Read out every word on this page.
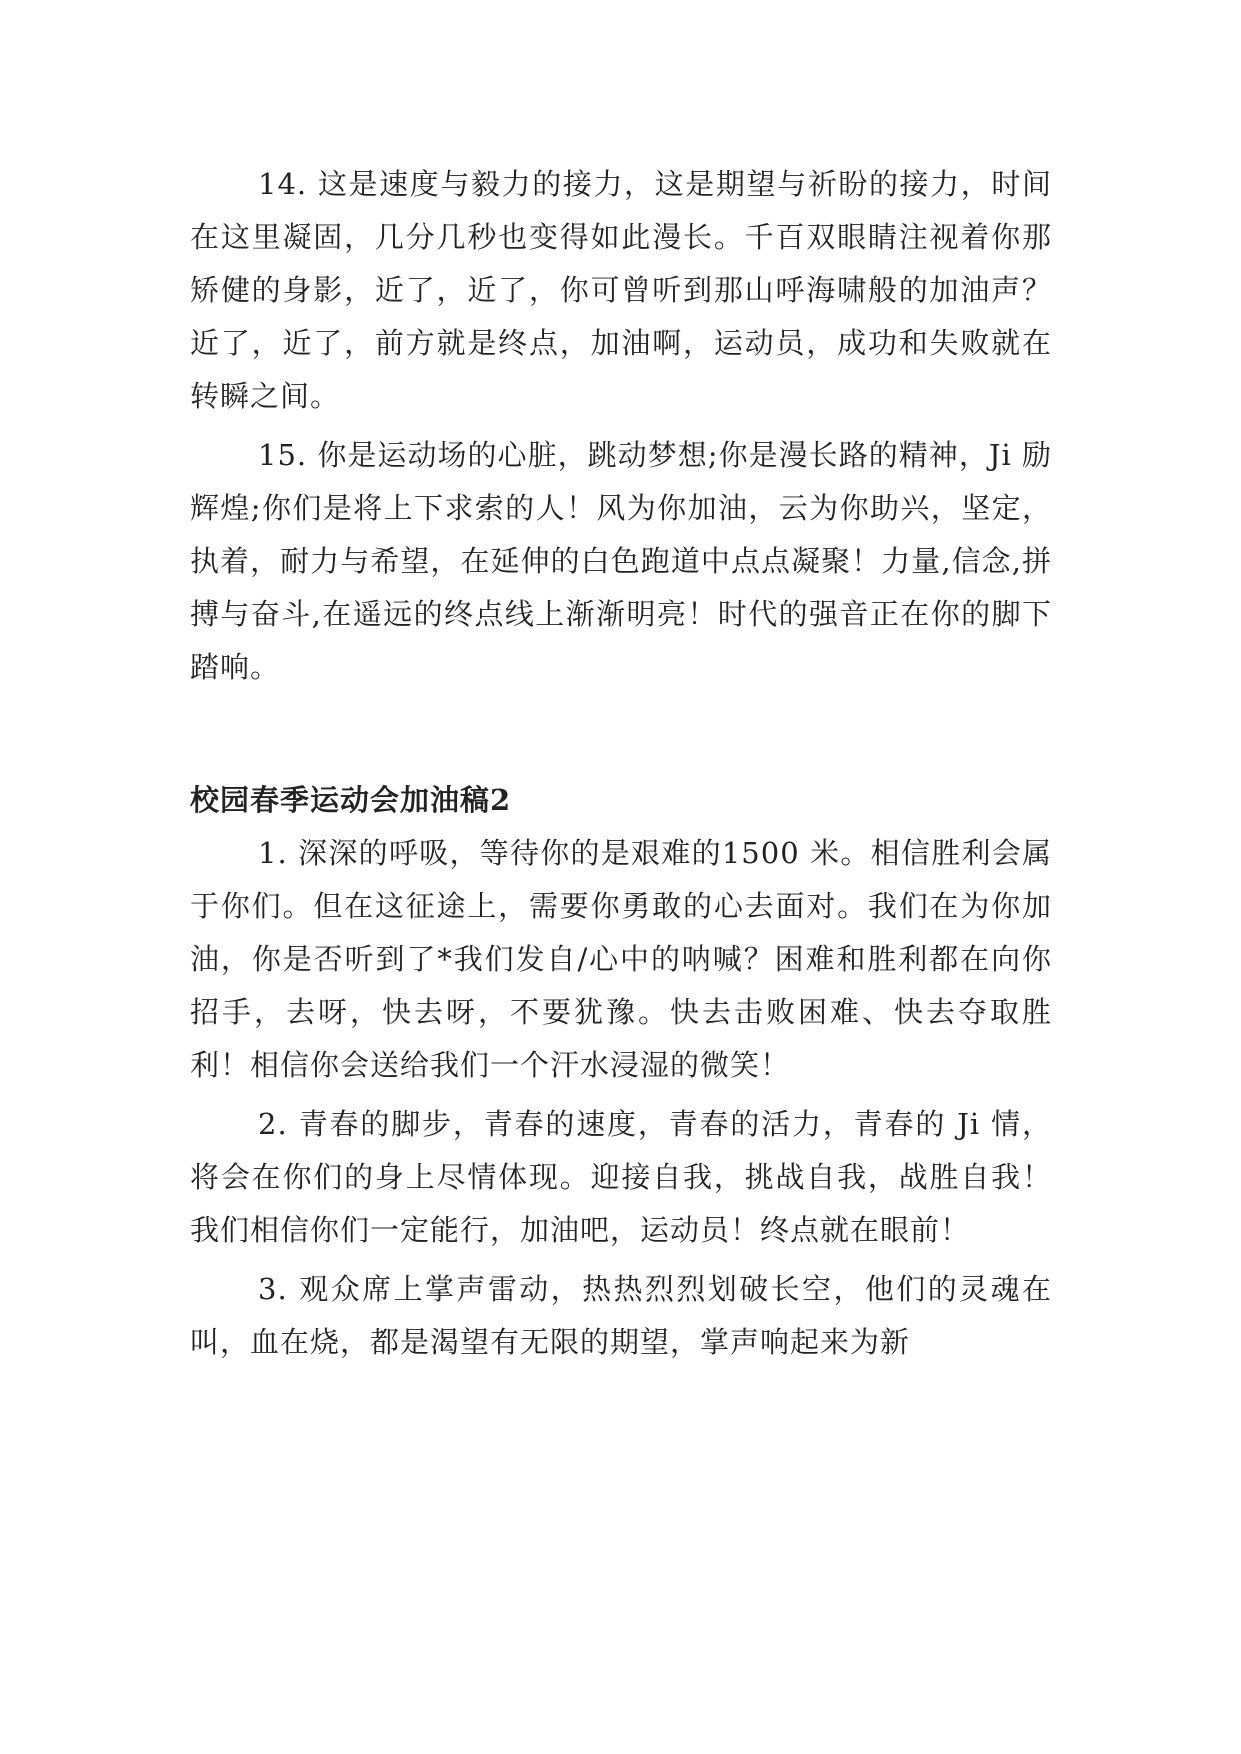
14. 这是速度与毅力的接力，这是期望与祈盼的接力，时间在这里凝固，几分几秒也变得如此漫长。千百双眼睛注视着你那矫健的身影，近了，近了，你可曾听到那山呼海啸般的加油声？近了，近了，前方就是终点，加油啊，运动员，成功和失败就在转瞬之间。

15. 你是运动场的心脏，跳动梦想;你是漫长路的精神，Ji 励辉煌;你们是将上下求索的人！风为你加油，云为你助兴，坚定，执着，耐力与希望，在延伸的白色跑道中点点凝聚！力量,信念,拼搏与奋斗,在遥远的终点线上渐渐明亮！时代的强音正在你的脚下踏响。

校园春季运动会加油稿2

1. 深深的呼吸，等待你的是艰难的1500 米。相信胜利会属于你们。但在这征途上，需要你勇敢的心去面对。我们在为你加油，你是否听到了*我们发自/心中的呐喊？困难和胜利都在向你招手，去呀，快去呀，不要犹豫。快去击败困难、快去夺取胜利！相信你会送给我们一个汗水浸湿的微笑！

2. 青春的脚步，青春的速度，青春的活力，青春的 Ji 情，将会在你们的身上尽情体现。迎接自我，挑战自我，战胜自我！我们相信你们一定能行，加油吧，运动员！终点就在眼前！

3. 观众席上掌声雷动，热热烈烈划破长空，他们的灵魂在叫，血在烧，都是渴望有无限的期望，掌声响起来为新
